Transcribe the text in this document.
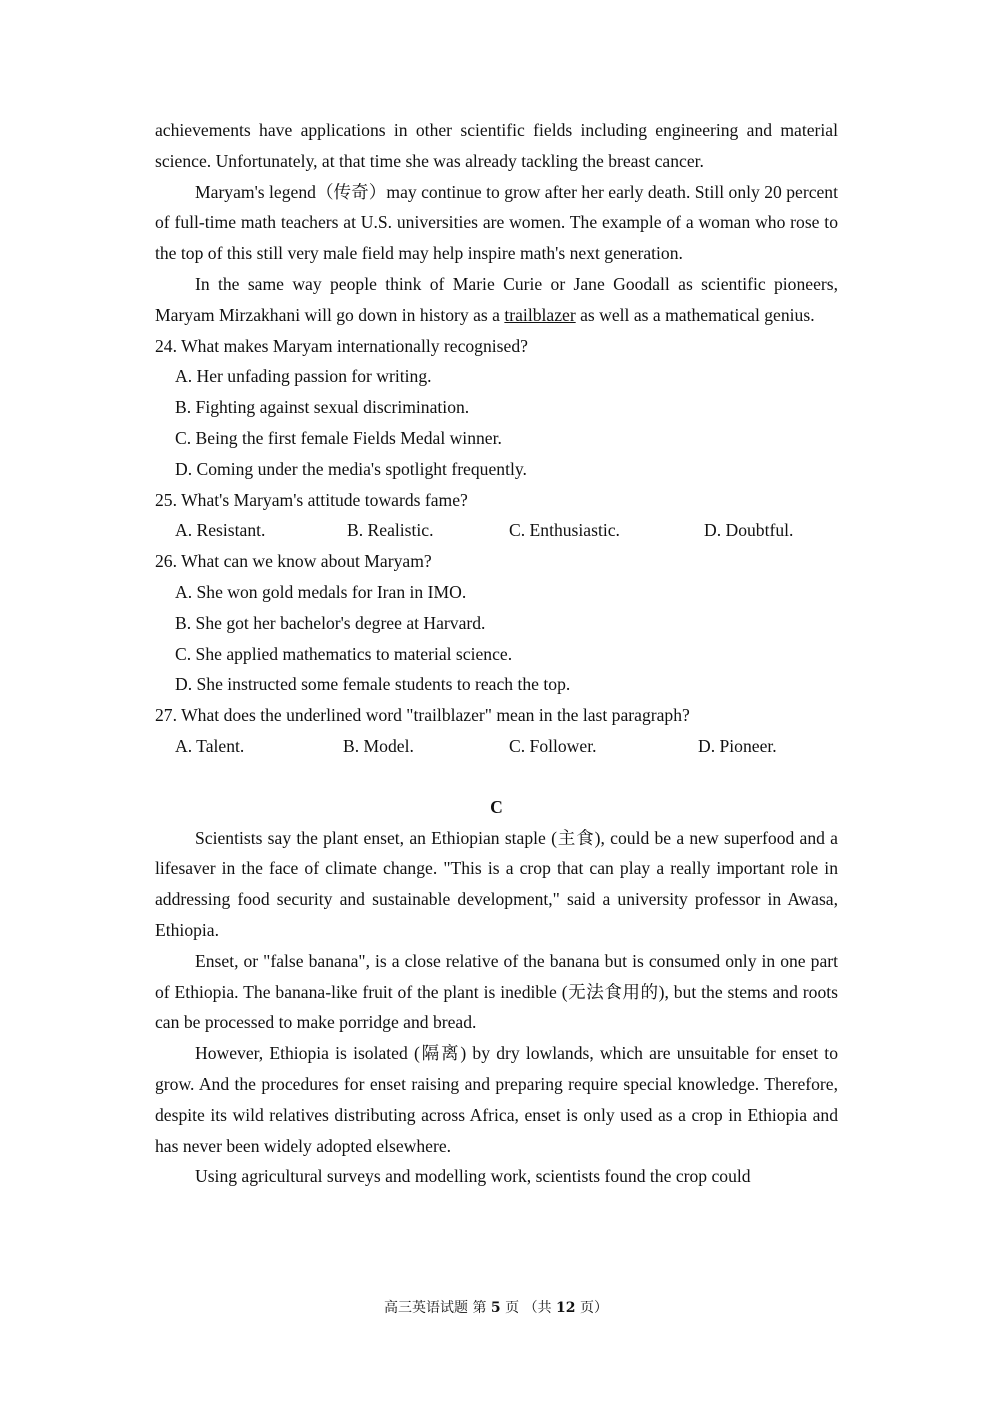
achievements have applications in other scientific fields including engineering and material science. Unfortunately, at that time she was already tackling the breast cancer.

Maryam's legend（传奇）may continue to grow after her early death. Still only 20 percent of full-time math teachers at U.S. universities are women. The example of a woman who rose to the top of this still very male field may help inspire math's next generation.

In the same way people think of Marie Curie or Jane Goodall as scientific pioneers, Maryam Mirzakhani will go down in history as a trailblazer as well as a mathematical genius.

24. What makes Maryam internationally recognised?

A. Her unfading passion for writing.

B. Fighting against sexual discrimination.

C. Being the first female Fields Medal winner.

D. Coming under the media's spotlight frequently.

25. What's Maryam's attitude towards fame?

A. Resistant.	B. Realistic.	C. Enthusiastic.	D. Doubtful.

26. What can we know about Maryam?

A. She won gold medals for Iran in IMO.

B. She got her bachelor's degree at Harvard.

C. She applied mathematics to material science.

D. She instructed some female students to reach the top.

27. What does the underlined word "trailblazer" mean in the last paragraph?

A. Talent.	B. Model.	C. Follower.	D. Pioneer.

C

Scientists say the plant enset, an Ethiopian staple (主食), could be a new superfood and a lifesaver in the face of climate change. "This is a crop that can play a really important role in addressing food security and sustainable development," said a university professor in Awasa, Ethiopia.

Enset, or "false banana", is a close relative of the banana but is consumed only in one part of Ethiopia. The banana-like fruit of the plant is inedible (无法食用的), but the stems and roots can be processed to make porridge and bread.

However, Ethiopia is isolated (隔离) by dry lowlands, which are unsuitable for enset to grow. And the procedures for enset raising and preparing require special knowledge. Therefore, despite its wild relatives distributing across Africa, enset is only used as a crop in Ethiopia and has never been widely adopted elsewhere.

Using agricultural surveys and modelling work, scientists found the crop could

高三英语试题 第 5 页 （共 12 页）
